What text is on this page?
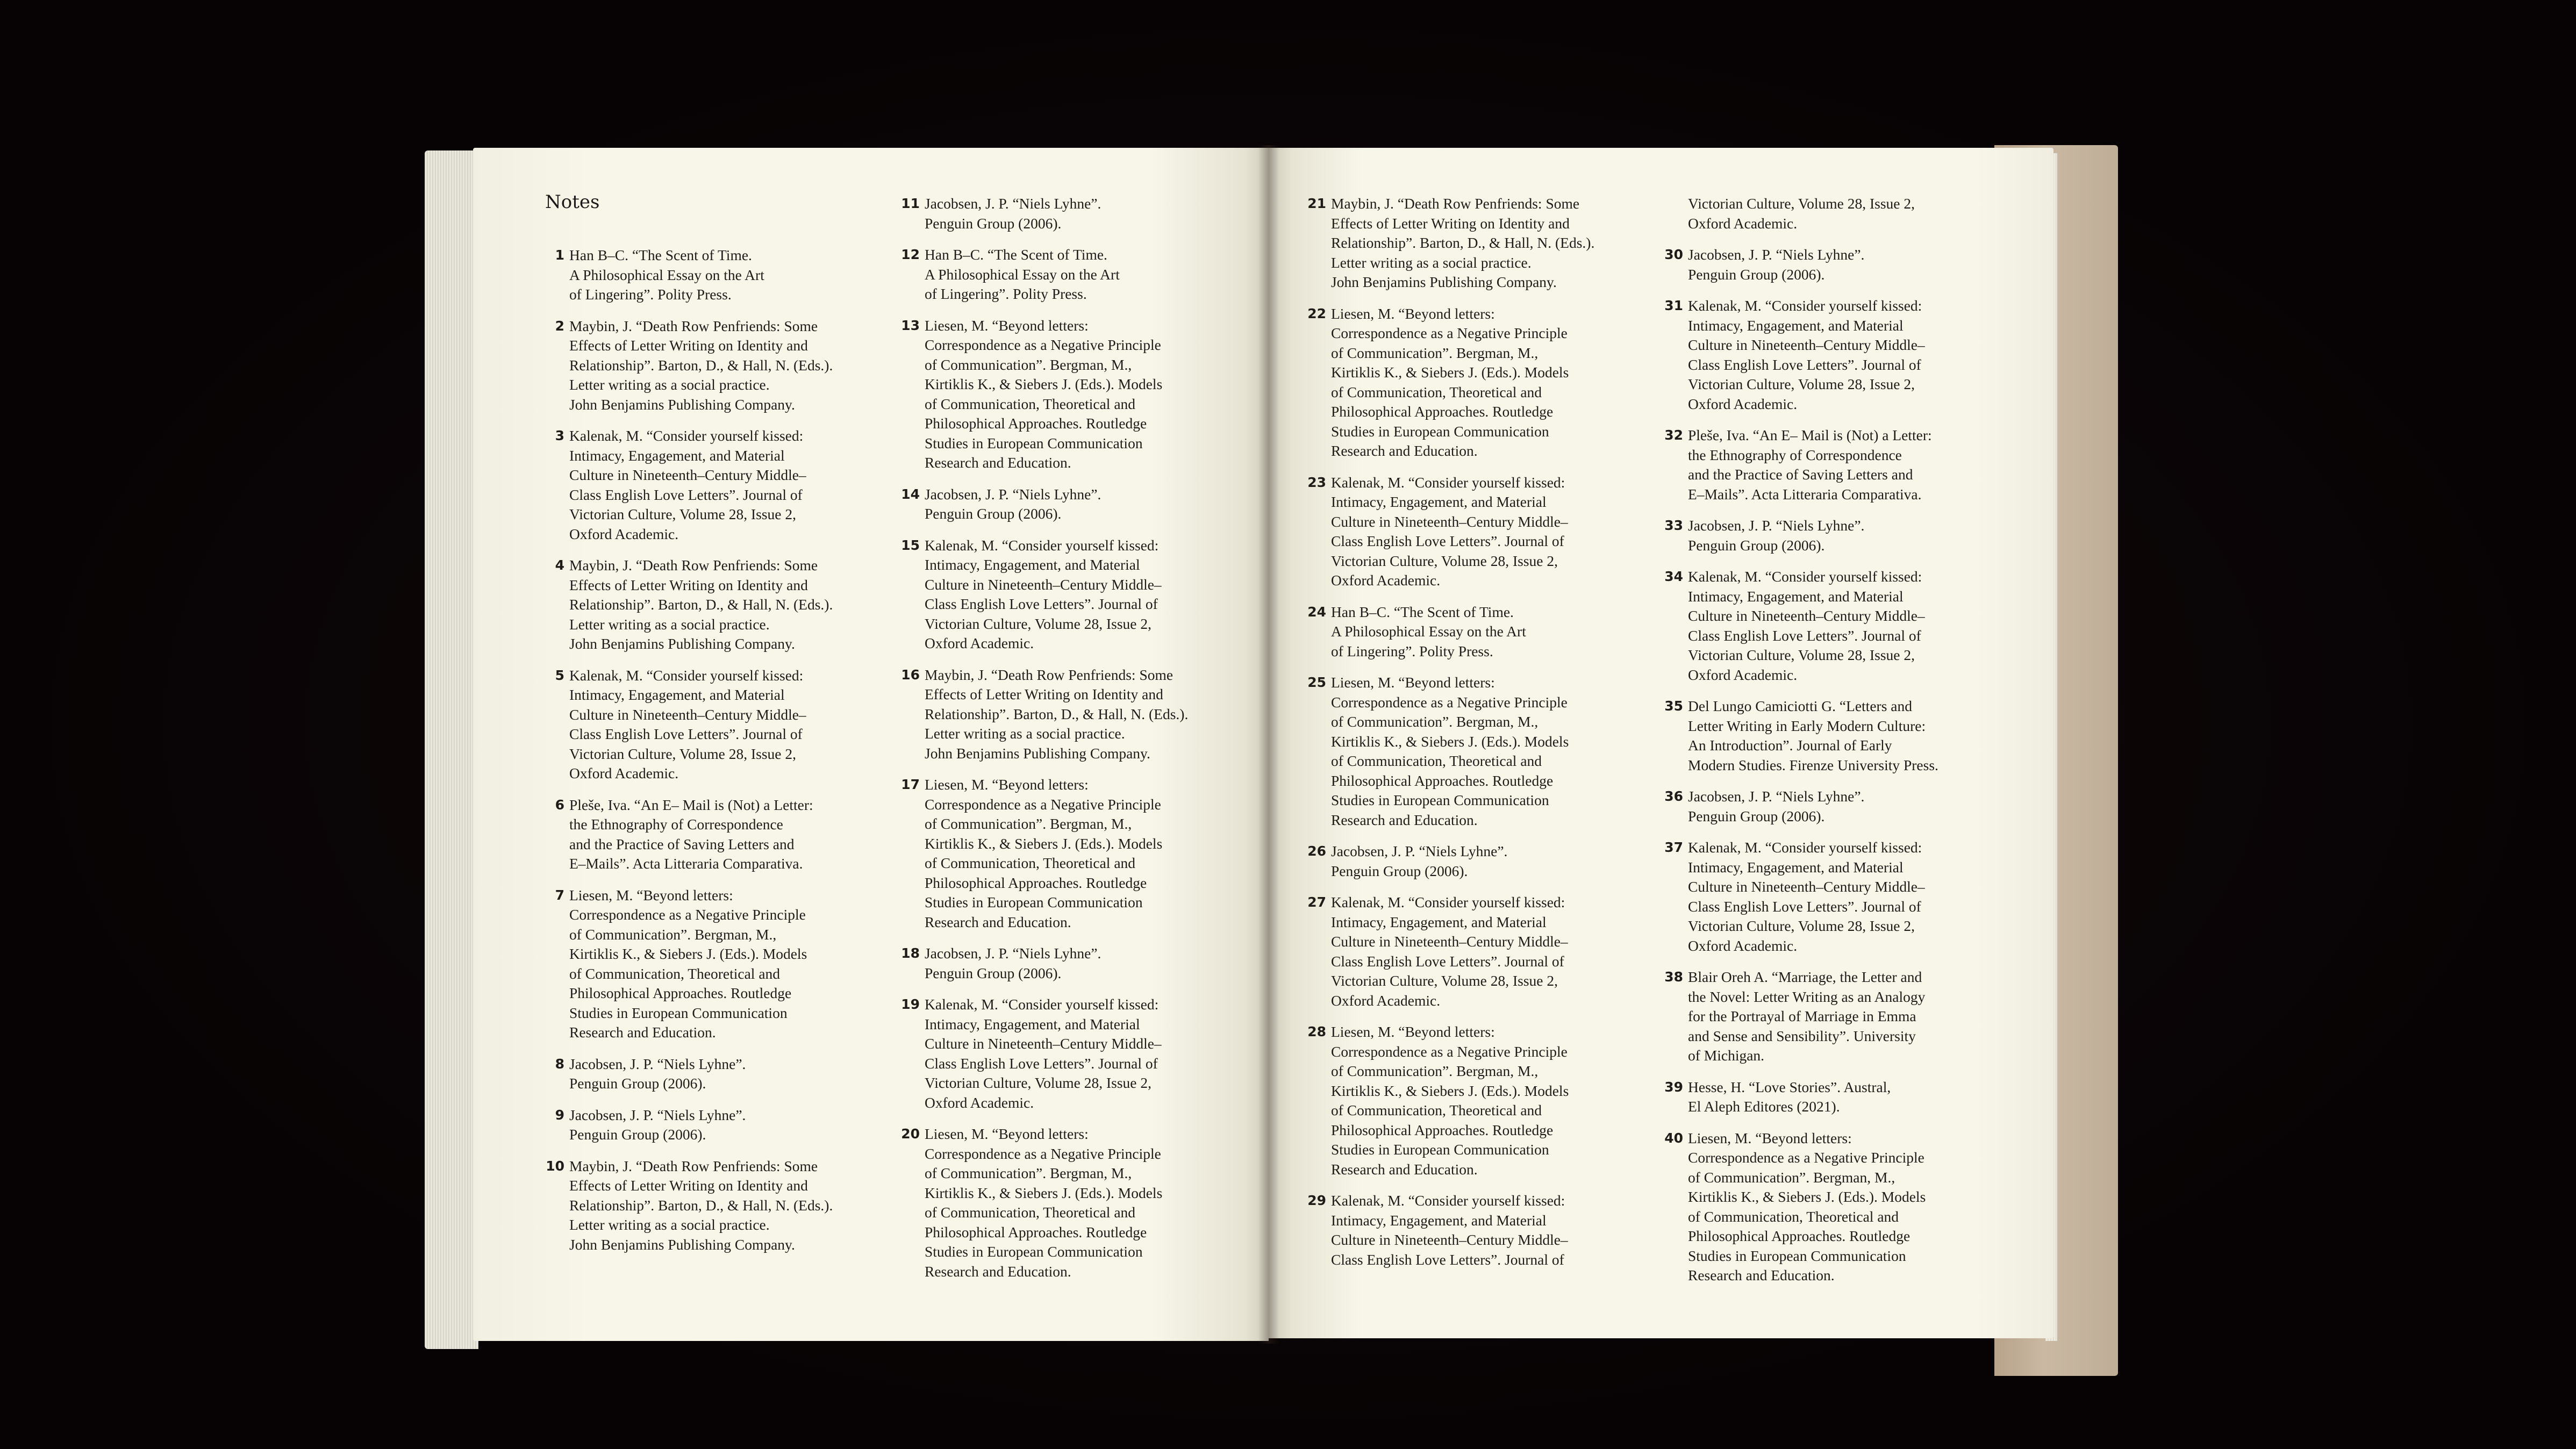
Notes
1 Han B–C. “The Scent of Time.
A Philosophical Essay on the Art
of Lingering”. Polity Press.
2 Maybin, J. “Death Row Penfriends: Some
Effects of Letter Writing on Identity and
Relationship”. Barton, D., & Hall, N. (Eds.).
Letter writing as a social practice.
John Benjamins Publishing Company.
3 Kalenak, M. “Consider yourself kissed:
Intimacy, Engagement, and Material
Culture in Nineteenth–Century Middle–
Class English Love Letters”. Journal of
Victorian Culture, Volume 28, Issue 2,
Oxford Academic.
4 Maybin, J. “Death Row Penfriends: Some
Effects of Letter Writing on Identity and
Relationship”. Barton, D., & Hall, N. (Eds.).
Letter writing as a social practice.
John Benjamins Publishing Company.
5 Kalenak, M. “Consider yourself kissed:
Intimacy, Engagement, and Material
Culture in Nineteenth–Century Middle–
Class English Love Letters”. Journal of
Victorian Culture, Volume 28, Issue 2,
Oxford Academic.
6 Pleše, Iva. “An E– Mail is (Not) a Letter:
the Ethnography of Correspondence
and the Practice of Saving Letters and
E–Mails”. Acta Litteraria Comparativa.
7 Liesen, M. “Beyond letters:
Correspondence as a Negative Principle
of Communication”. Bergman, M.,
Kirtiklis K., & Siebers J. (Eds.). Models
of Communication, Theoretical and
Philosophical Approaches. Routledge
Studies in European Communication
Research and Education.
8 Jacobsen, J. P. “Niels Lyhne”.
Penguin Group (2006).
9 Jacobsen, J. P. “Niels Lyhne”.
Penguin Group (2006).
10 Maybin, J. “Death Row Penfriends: Some
Effects of Letter Writing on Identity and
Relationship”. Barton, D., & Hall, N. (Eds.).
Letter writing as a social practice.
John Benjamins Publishing Company.
11 Jacobsen, J. P. “Niels Lyhne”.
Penguin Group (2006).
12 Han B–C. “The Scent of Time.
A Philosophical Essay on the Art
of Lingering”. Polity Press.
13 Liesen, M. “Beyond letters:
Correspondence as a Negative Principle
of Communication”. Bergman, M.,
Kirtiklis K., & Siebers J. (Eds.). Models
of Communication, Theoretical and
Philosophical Approaches. Routledge
Studies in European Communication
Research and Education.
14 Jacobsen, J. P. “Niels Lyhne”.
Penguin Group (2006).
15 Kalenak, M. “Consider yourself kissed:
Intimacy, Engagement, and Material
Culture in Nineteenth–Century Middle–
Class English Love Letters”. Journal of
Victorian Culture, Volume 28, Issue 2,
Oxford Academic.
16 Maybin, J. “Death Row Penfriends: Some
Effects of Letter Writing on Identity and
Relationship”. Barton, D., & Hall, N. (Eds.).
Letter writing as a social practice.
John Benjamins Publishing Company.
17 Liesen, M. “Beyond letters:
Correspondence as a Negative Principle
of Communication”. Bergman, M.,
Kirtiklis K., & Siebers J. (Eds.). Models
of Communication, Theoretical and
Philosophical Approaches. Routledge
Studies in European Communication
Research and Education.
18 Jacobsen, J. P. “Niels Lyhne”.
Penguin Group (2006).
19 Kalenak, M. “Consider yourself kissed:
Intimacy, Engagement, and Material
Culture in Nineteenth–Century Middle–
Class English Love Letters”. Journal of
Victorian Culture, Volume 28, Issue 2,
Oxford Academic.
20 Liesen, M. “Beyond letters:
Correspondence as a Negative Principle
of Communication”. Bergman, M.,
Kirtiklis K., & Siebers J. (Eds.). Models
of Communication, Theoretical and
Philosophical Approaches. Routledge
Studies in European Communication
Research and Education.
21 Maybin, J. “Death Row Penfriends: Some
Effects of Letter Writing on Identity and
Relationship”. Barton, D., & Hall, N. (Eds.).
Letter writing as a social practice.
John Benjamins Publishing Company.
22 Liesen, M. “Beyond letters:
Correspondence as a Negative Principle
of Communication”. Bergman, M.,
Kirtiklis K., & Siebers J. (Eds.). Models
of Communication, Theoretical and
Philosophical Approaches. Routledge
Studies in European Communication
Research and Education.
23 Kalenak, M. “Consider yourself kissed:
Intimacy, Engagement, and Material
Culture in Nineteenth–Century Middle–
Class English Love Letters”. Journal of
Victorian Culture, Volume 28, Issue 2,
Oxford Academic.
24 Han B–C. “The Scent of Time.
A Philosophical Essay on the Art
of Lingering”. Polity Press.
25 Liesen, M. “Beyond letters:
Correspondence as a Negative Principle
of Communication”. Bergman, M.,
Kirtiklis K., & Siebers J. (Eds.). Models
of Communication, Theoretical and
Philosophical Approaches. Routledge
Studies in European Communication
Research and Education.
26 Jacobsen, J. P. “Niels Lyhne”.
Penguin Group (2006).
27 Kalenak, M. “Consider yourself kissed:
Intimacy, Engagement, and Material
Culture in Nineteenth–Century Middle–
Class English Love Letters”. Journal of
Victorian Culture, Volume 28, Issue 2,
Oxford Academic.
28 Liesen, M. “Beyond letters:
Correspondence as a Negative Principle
of Communication”. Bergman, M.,
Kirtiklis K., & Siebers J. (Eds.). Models
of Communication, Theoretical and
Philosophical Approaches. Routledge
Studies in European Communication
Research and Education.
29 Kalenak, M. “Consider yourself kissed:
Intimacy, Engagement, and Material
Culture in Nineteenth–Century Middle–
Class English Love Letters”. Journal of
Victorian Culture, Volume 28, Issue 2,
Oxford Academic.
30 Jacobsen, J. P. “Niels Lyhne”.
Penguin Group (2006).
31 Kalenak, M. “Consider yourself kissed:
Intimacy, Engagement, and Material
Culture in Nineteenth–Century Middle–
Class English Love Letters”. Journal of
Victorian Culture, Volume 28, Issue 2,
Oxford Academic.
32 Pleše, Iva. “An E– Mail is (Not) a Letter:
the Ethnography of Correspondence
and the Practice of Saving Letters and
E–Mails”. Acta Litteraria Comparativa.
33 Jacobsen, J. P. “Niels Lyhne”.
Penguin Group (2006).
34 Kalenak, M. “Consider yourself kissed:
Intimacy, Engagement, and Material
Culture in Nineteenth–Century Middle–
Class English Love Letters”. Journal of
Victorian Culture, Volume 28, Issue 2,
Oxford Academic.
35 Del Lungo Camiciotti G. “Letters and
Letter Writing in Early Modern Culture:
An Introduction”. Journal of Early
Modern Studies. Firenze University Press.
36 Jacobsen, J. P. “Niels Lyhne”.
Penguin Group (2006).
37 Kalenak, M. “Consider yourself kissed:
Intimacy, Engagement, and Material
Culture in Nineteenth–Century Middle–
Class English Love Letters”. Journal of
Victorian Culture, Volume 28, Issue 2,
Oxford Academic.
38 Blair Oreh A. “Marriage, the Letter and
the Novel: Letter Writing as an Analogy
for the Portrayal of Marriage in Emma
and Sense and Sensibility”. University
of Michigan.
39 Hesse, H. “Love Stories”. Austral,
El Aleph Editores (2021).
40 Liesen, M. “Beyond letters:
Correspondence as a Negative Principle
of Communication”. Bergman, M.,
Kirtiklis K., & Siebers J. (Eds.). Models
of Communication, Theoretical and
Philosophical Approaches. Routledge
Studies in European Communication
Research and Education.
